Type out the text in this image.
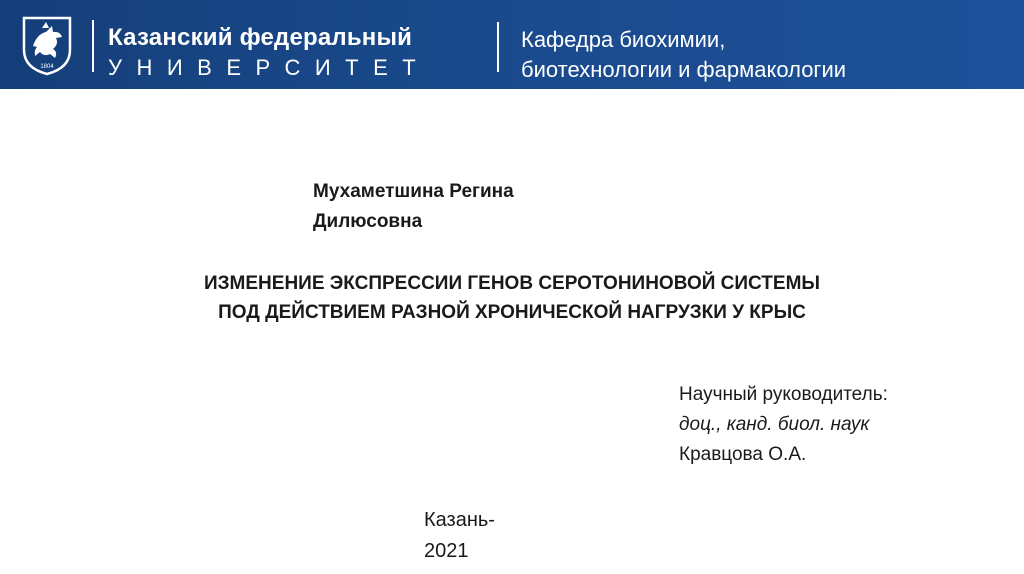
1804
Казанский федеральный
УНИВЕРСИТЕТ
Кафедра биохимии,
биотехнологии и фармакологии
Мухаметшина Регина
Дилюсовна
ИЗМЕНЕНИЕ ЭКСПРЕССИИ ГЕНОВ СЕРОТОНИНОВОЙ СИСТЕМЫ
ПОД ДЕЙСТВИЕМ РАЗНОЙ ХРОНИЧЕСКОЙ НАГРУЗКИ У КРЫС
Научный руководитель:
доц., канд. биол. наук
Кравцова О.А.
Казань-
2021
